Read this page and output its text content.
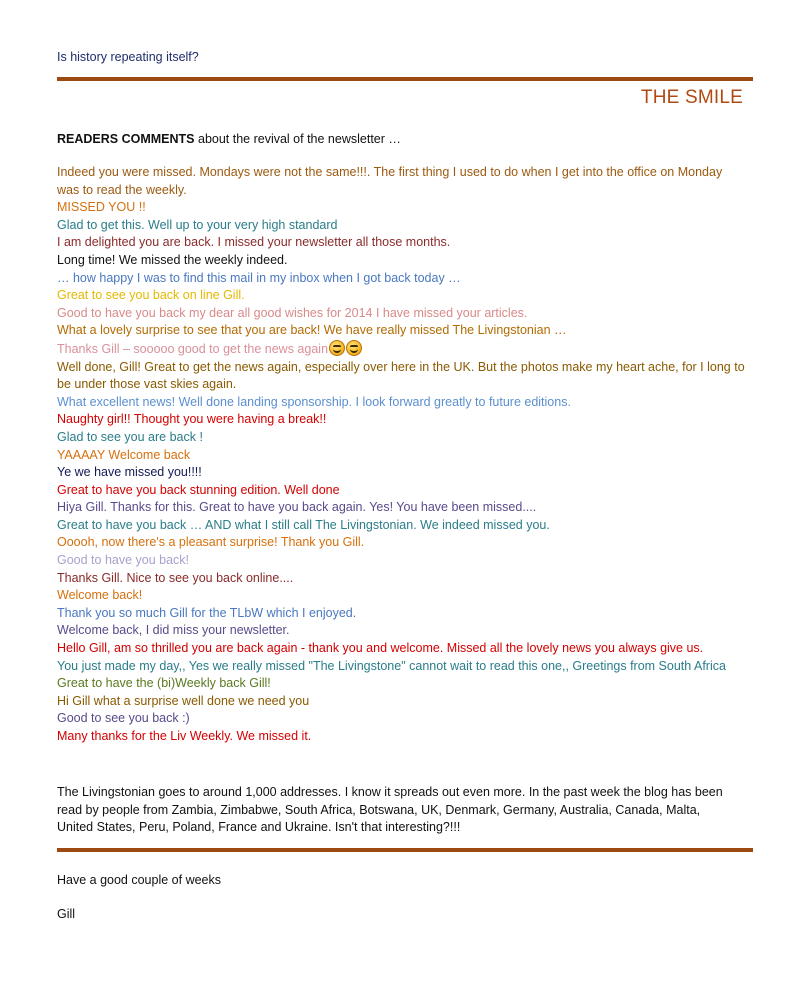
Is history repeating itself?
THE SMILE
READERS COMMENTS about the revival of the newsletter …
Indeed you were missed. Mondays were not the same!!!. The first thing I used to do when I get into the office on Monday was to read the weekly.
MISSED YOU !!
Glad to get this. Well up to your very high standard
I am delighted you are back. I missed your newsletter all those months.
Long time! We missed the weekly indeed.
… how happy I was to find this mail in my inbox when I got back today …
Great to see you back on line Gill.
Good to have you back my dear all good wishes for 2014 I have missed your articles.
What a lovely surprise to see that you are back! We have really missed The Livingstonian …
Thanks Gill – sooooo good to get the news again
Well done, Gill! Great to get the news again, especially over here in the UK. But the photos make my heart ache, for I long to be under those vast skies again.
What excellent news! Well done landing sponsorship. I look forward greatly to future editions.
Naughty girl!! Thought you were having a break!!
Glad to see you are back !
YAAAAY Welcome back
Ye we have missed you!!!!
Great to have you back stunning edition. Well done
Hiya Gill. Thanks for this. Great to have you back again. Yes! You have been missed....
Great to have you back … AND what I still call The Livingstonian. We indeed missed you.
Ooooh, now there's a pleasant surprise! Thank you Gill.
Good to have you back!
Thanks Gill. Nice to see you back online....
Welcome back!
Thank you so much Gill for the TLbW which I enjoyed.
Welcome back, I did miss your newsletter.
Hello Gill, am so thrilled you are back again - thank you and welcome. Missed all the lovely news you always give us.
You just made my day,, Yes we really missed "The Livingstone" cannot wait to read this one,, Greetings from South Africa
Great to have the (bi)Weekly back Gill!
Hi Gill what a surprise well done we need you
Good to see you back :)
Many thanks for the Liv Weekly. We missed it.
The Livingstonian goes to around 1,000 addresses. I know it spreads out even more. In the past week the blog has been read by people from Zambia, Zimbabwe, South Africa, Botswana, UK, Denmark, Germany, Australia, Canada, Malta, United States, Peru, Poland, France and Ukraine. Isn't that interesting?!!!
Have a good couple of weeks
Gill
